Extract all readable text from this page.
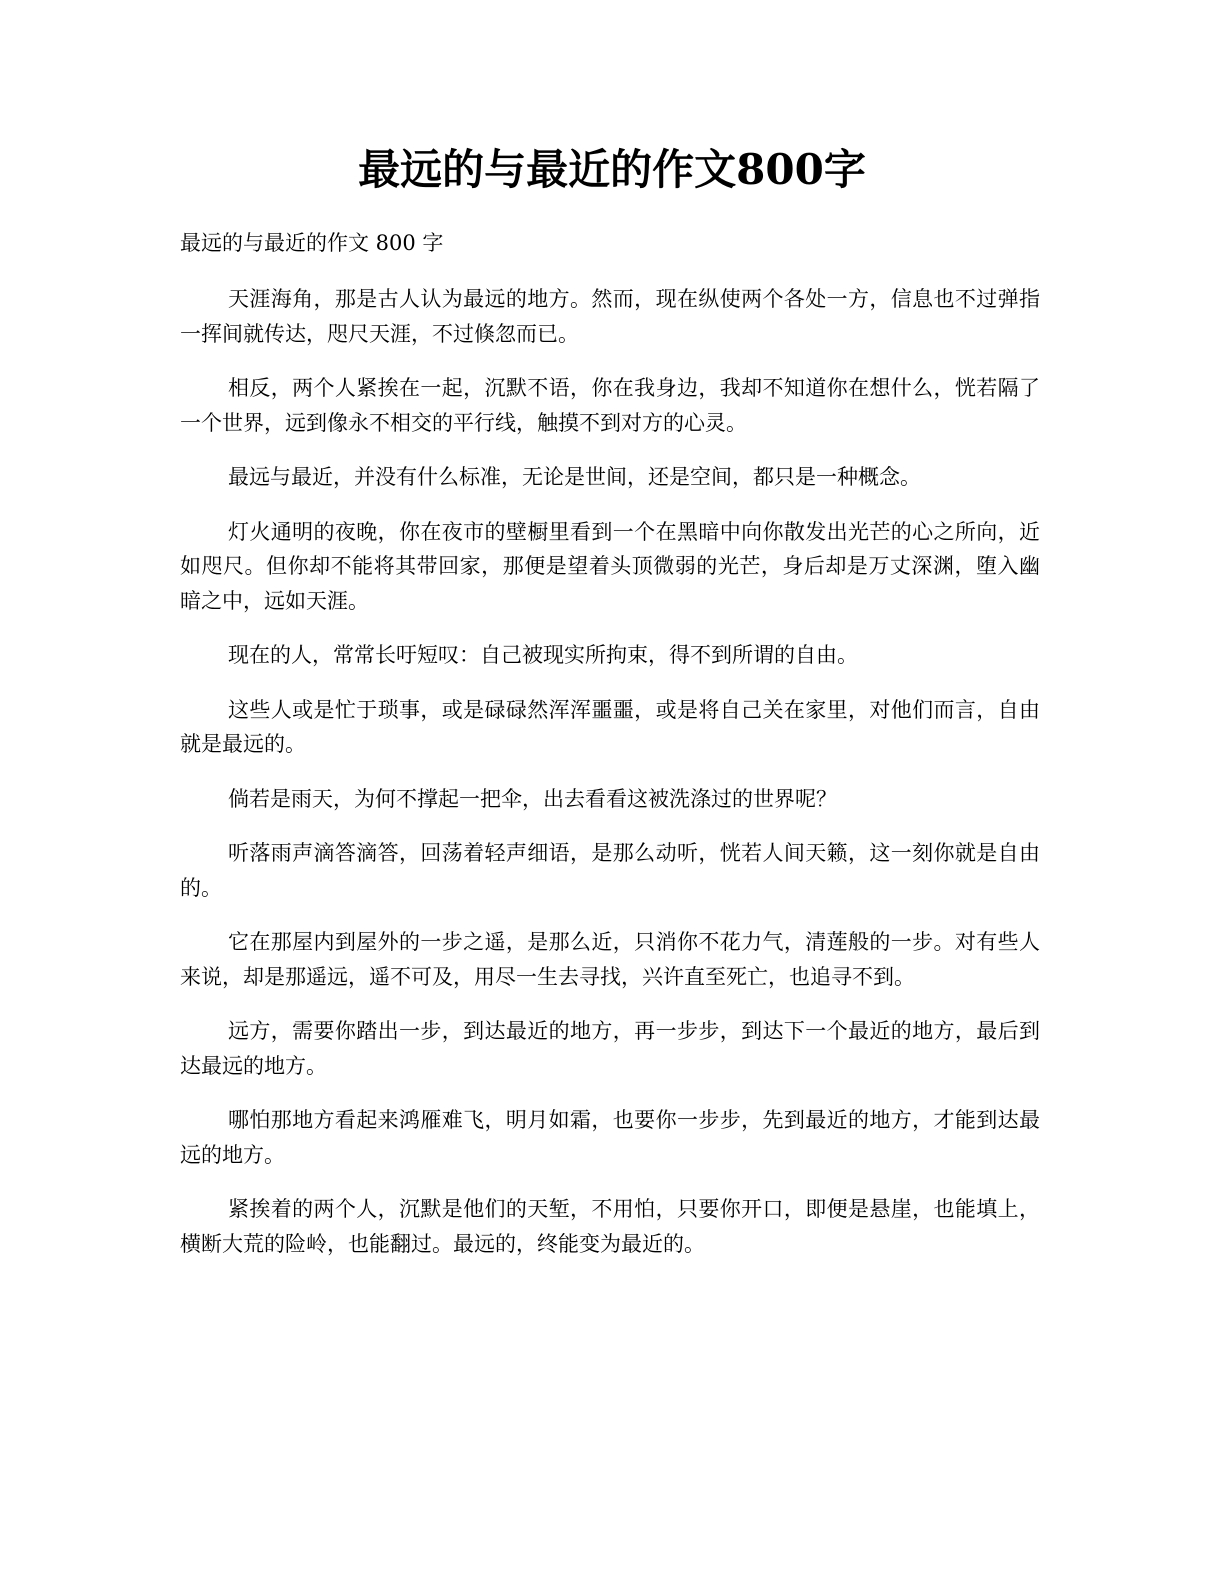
最远的与最近的作文800字

最远的与最近的作文 800 字

天涯海角，那是古人认为最远的地方。然而，现在纵使两个各处一方，信息也不过弹指一挥间就传达，咫尺天涯，不过倏忽而已。

相反，两个人紧挨在一起，沉默不语，你在我身边，我却不知道你在想什么，恍若隔了一个世界，远到像永不相交的平行线，触摸不到对方的心灵。

最远与最近，并没有什么标准，无论是世间，还是空间，都只是一种概念。

灯火通明的夜晚，你在夜市的壁橱里看到一个在黑暗中向你散发出光芒的心之所向，近如咫尺。但你却不能将其带回家，那便是望着头顶微弱的光芒，身后却是万丈深渊，堕入幽暗之中，远如天涯。

现在的人，常常长吁短叹：自己被现实所拘束，得不到所谓的自由。

这些人或是忙于琐事，或是碌碌然浑浑噩噩，或是将自己关在家里，对他们而言，自由就是最远的。

倘若是雨天，为何不撑起一把伞，出去看看这被洗涤过的世界呢？

听落雨声滴答滴答，回荡着轻声细语，是那么动听，恍若人间天籁，这一刻你就是自由的。

它在那屋内到屋外的一步之遥，是那么近，只消你不花力气，清莲般的一步。对有些人来说，却是那遥远，遥不可及，用尽一生去寻找，兴许直至死亡，也追寻不到。

远方，需要你踏出一步，到达最近的地方，再一步步，到达下一个最近的地方，最后到达最远的地方。

哪怕那地方看起来鸿雁难飞，明月如霜，也要你一步步，先到最近的地方，才能到达最远的地方。

紧挨着的两个人，沉默是他们的天堑，不用怕，只要你开口，即便是悬崖，也能填上，横断大荒的险岭，也能翻过。最远的，终能变为最近的。
